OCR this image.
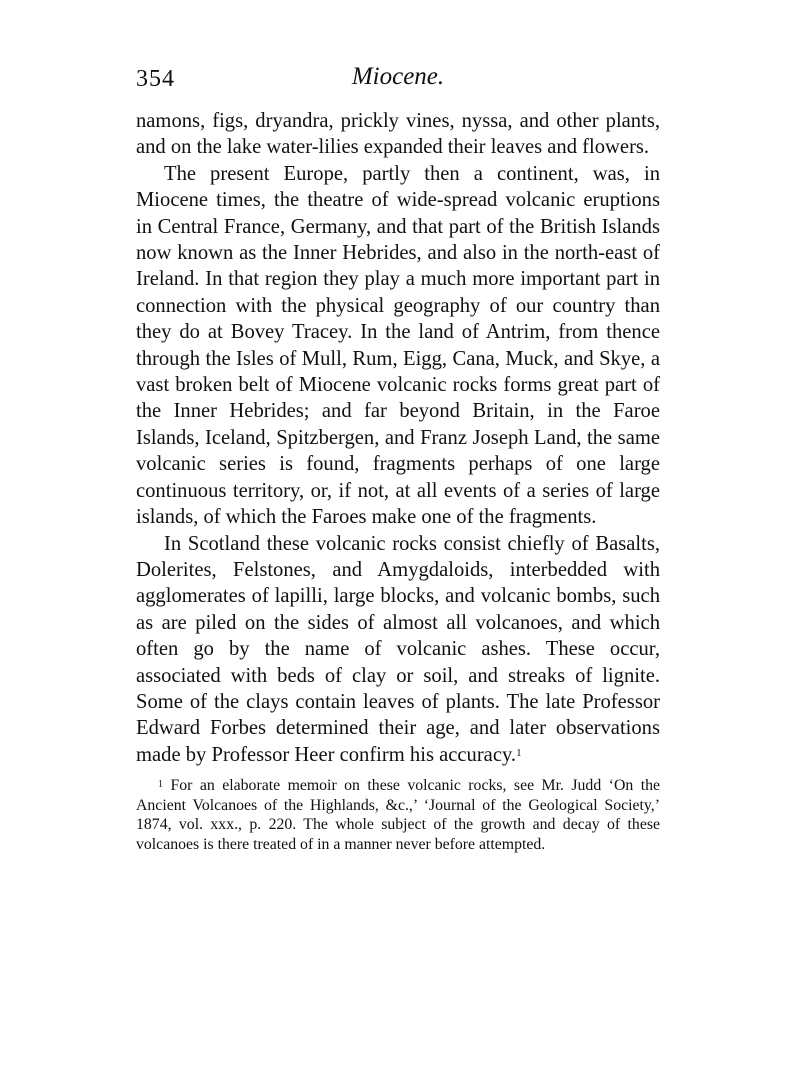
354	Miocene.

namons, figs, dryandra, prickly vines, nyssa, and other plants, and on the lake water-lilies expanded their leaves and flowers.

The present Europe, partly then a continent, was, in Miocene times, the theatre of wide-spread volcanic eruptions in Central France, Germany, and that part of the British Islands now known as the Inner Hebrides, and also in the north-east of Ireland. In that region they play a much more important part in connection with the physical geography of our country than they do at Bovey Tracey. In the land of Antrim, from thence through the Isles of Mull, Rum, Eigg, Cana, Muck, and Skye, a vast broken belt of Miocene volcanic rocks forms great part of the Inner Hebrides; and far beyond Britain, in the Faroe Islands, Iceland, Spitzbergen, and Franz Joseph Land, the same volcanic series is found, fragments perhaps of one large continuous territory, or, if not, at all events of a series of large islands, of which the Faroes make one of the fragments.

In Scotland these volcanic rocks consist chiefly of Basalts, Dolerites, Felstones, and Amygdaloids, interbedded with agglomerates of lapilli, large blocks, and volcanic bombs, such as are piled on the sides of almost all volcanoes, and which often go by the name of volcanic ashes. These occur, associated with beds of clay or soil, and streaks of lignite. Some of the clays contain leaves of plants. The late Professor Edward Forbes determined their age, and later observations made by Professor Heer confirm his accuracy.$^1$

$^1$ For an elaborate memoir on these volcanic rocks, see Mr. Judd ‘On the Ancient Volcanoes of the Highlands, &c.,’ ‘Journal of the Geological Society,’ 1874, vol. xxx., p. 220. The whole subject of the growth and decay of these volcanoes is there treated of in a manner never before attempted.
